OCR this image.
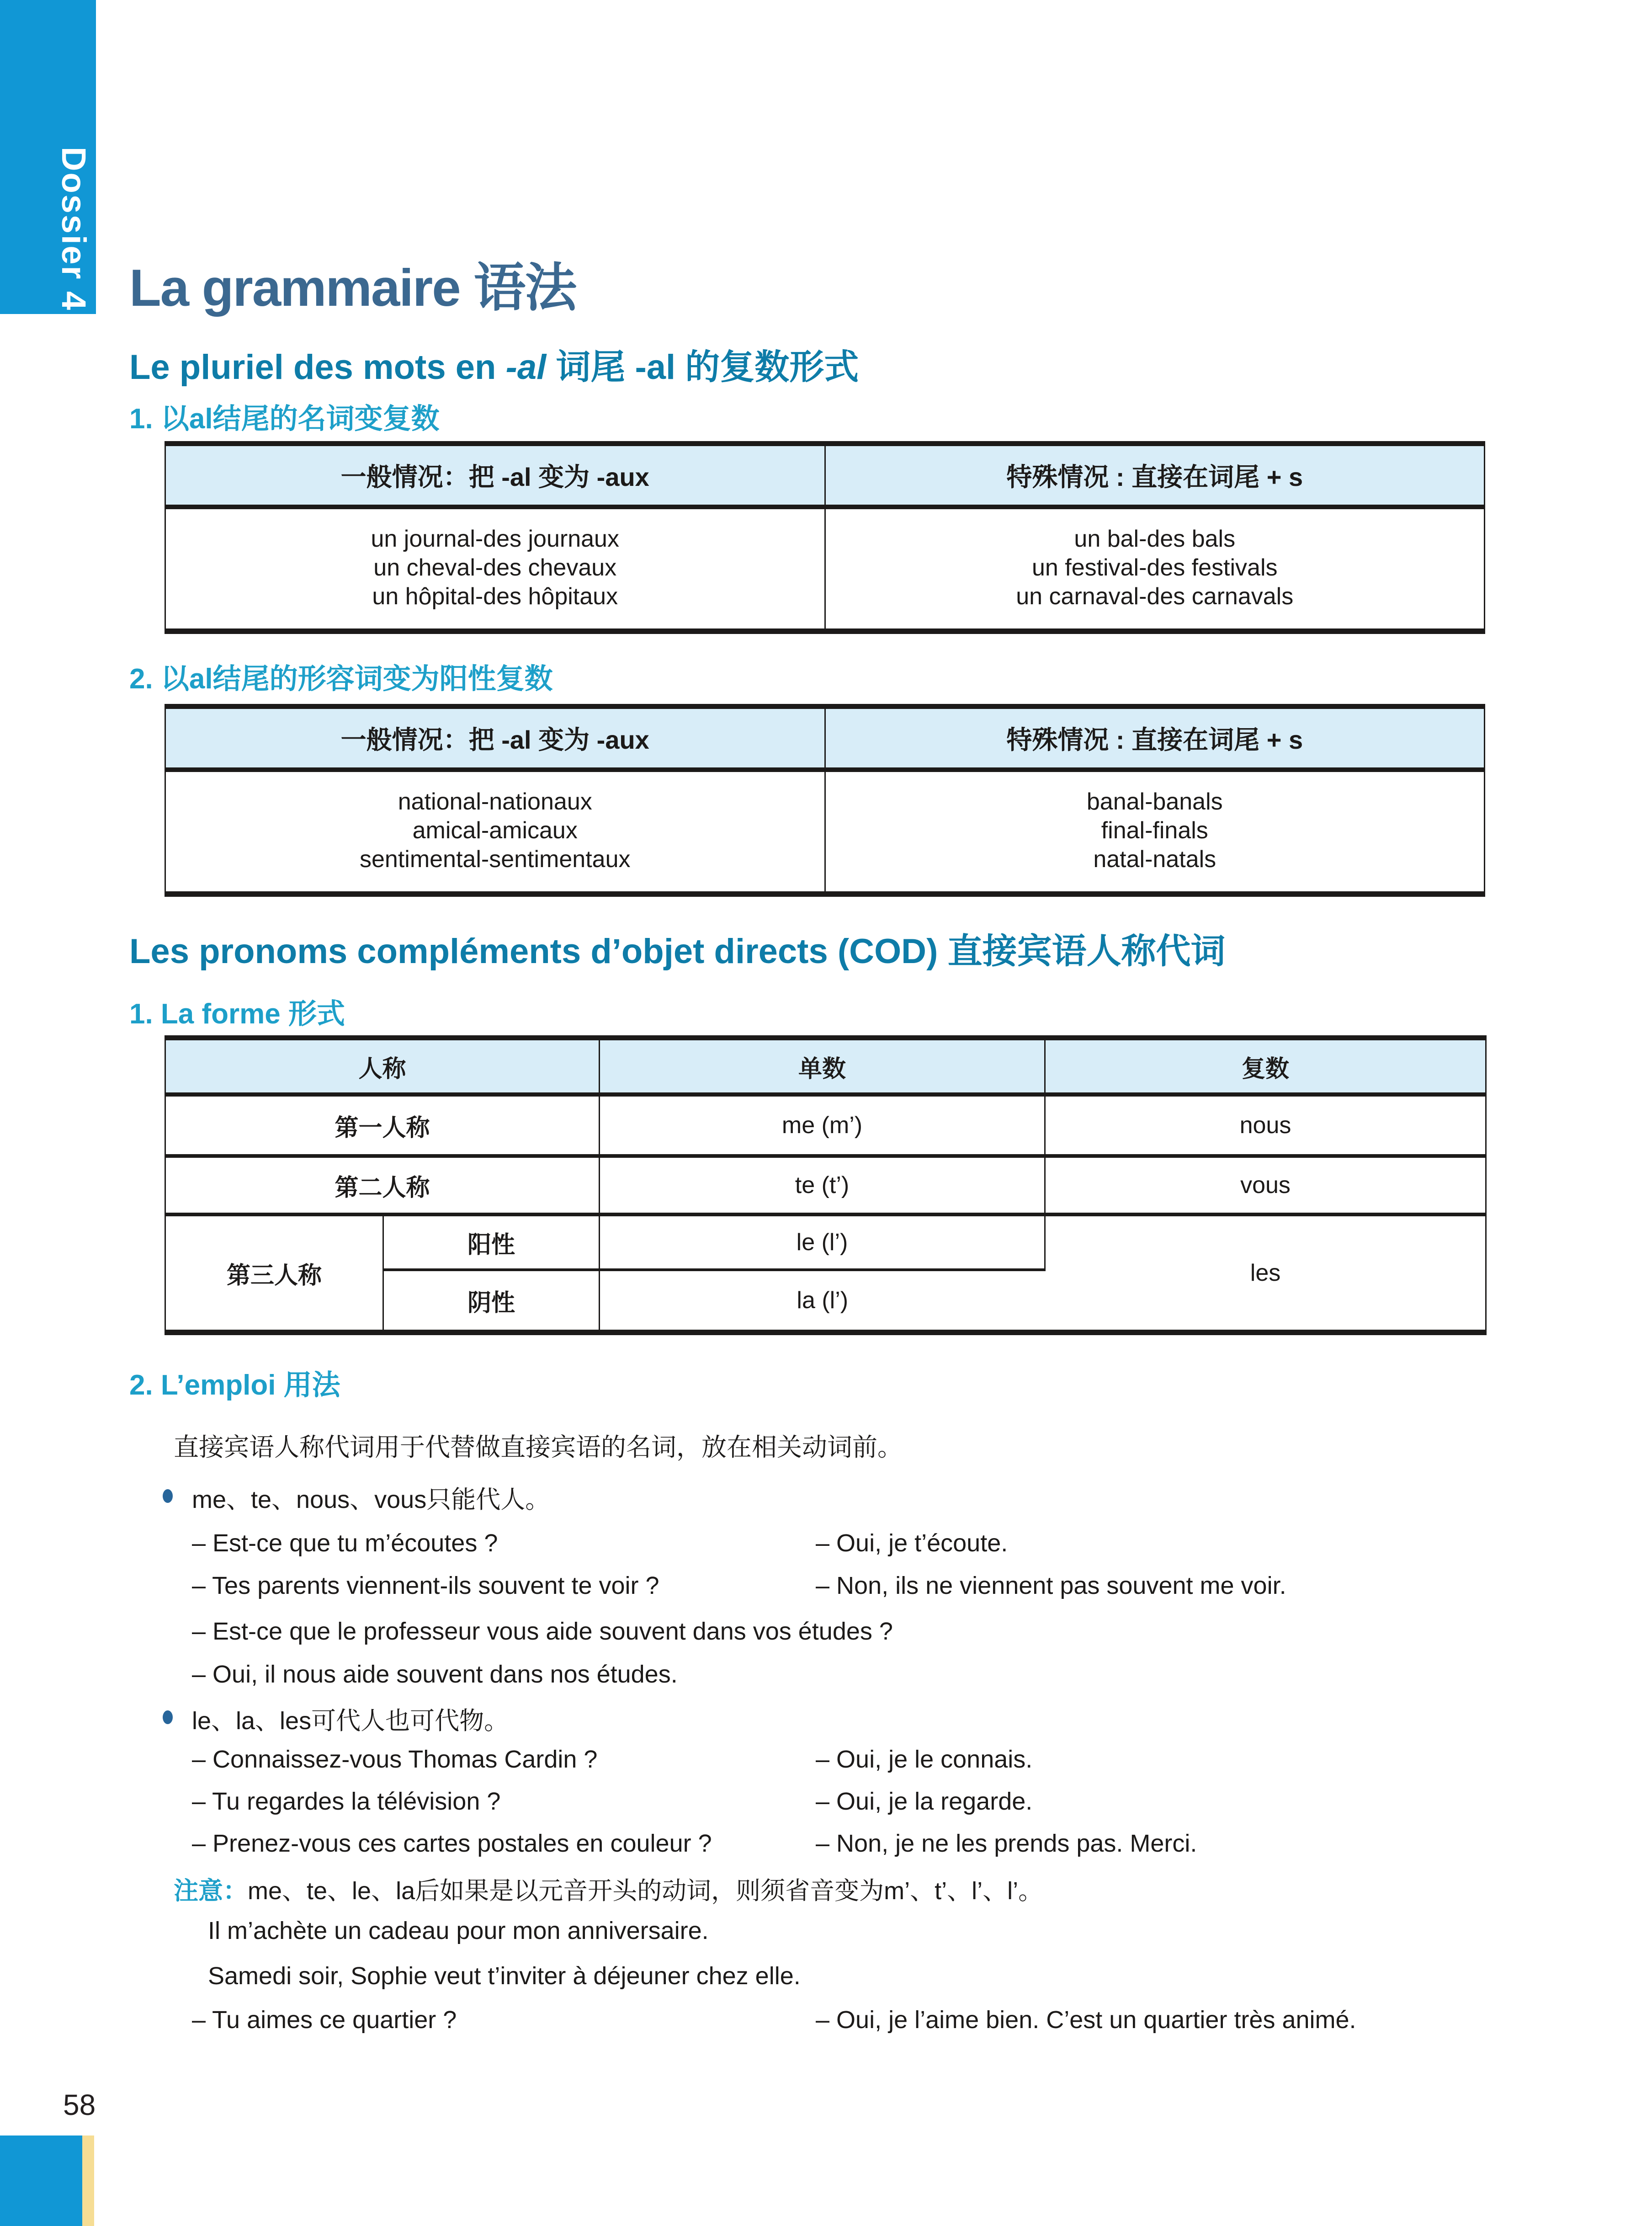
Dossier 4 La grammaire 语法
Le pluriel des mots en -al 词尾 -al 的复数形式
1. 以al结尾的名词变复数
一般情况：把 -al 变为 -aux	特殊情况 : 直接在词尾 + s

un journal-des journaux
un cheval-des chevaux
un hôpital-des hôpitaux

un bal-des bals
un festival-des festivals
un carnaval-des carnavals
2. 以al结尾的形容词变为阳性复数
一般情况：把 -al 变为 -aux	特殊情况 : 直接在词尾 + s

national-nationaux
amical-amicaux
sentimental-sentimentaux

banal-banals
final-finals
natal-natals
Les pronoms compléments d’objet directs (COD) 直接宾语人称代词
1. La forme 形式
人称		单数	复数
第一人称		me (m’)	nous
第二人称		te (t’)	vous
第三人称	阳性	le (l’)	les
	阴性	la (l’)	
2. L’emploi 用法
直接宾语人称代词用于代替做直接宾语的名词，放在相关动词前。
me、te、nous、vous只能代人。
– Est-ce que tu m’écoutes ?	– Oui, je t’écoute.
– Tes parents viennent-ils souvent te voir ?	– Non, ils ne viennent pas souvent me voir.
– Est-ce que le professeur vous aide souvent dans vos études ?
– Oui, il nous aide souvent dans nos études.
le、la、les可代人也可代物。
– Connaissez-vous Thomas Cardin ?	– Oui, je le connais.
– Tu regardes la télévision ?	– Oui, je la regarde.
– Prenez-vous ces cartes postales en couleur ?	– Non, je ne les prends pas. Merci.
注意：me、te、le、la后如果是以元音开头的动词，则须省音变为m’、t’、l’、l’。
Il m’achète un cadeau pour mon anniversaire.
Samedi soir, Sophie veut t’inviter à déjeuner chez elle.
– Tu aimes ce quartier ?	– Oui, je l’aime bien. C’est un quartier très animé.
58
